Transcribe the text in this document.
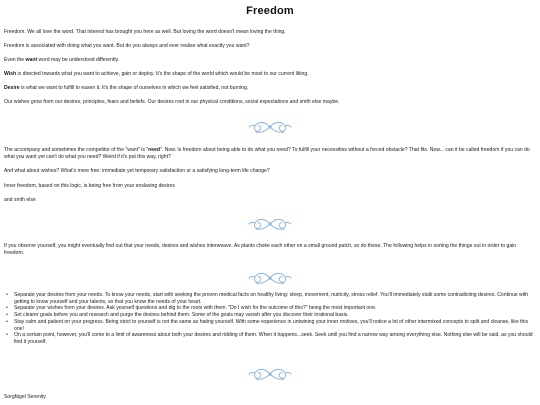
Freedom

Freedom. We all love the word. That interest has brought you here as well. But loving the word doesn't mean loving the thing.

Freedom is associated with doing what you want. But do you always and ever realise what exactly you want?

Even the want word may be understood differently.

Wish is directed towards what you want to achieve, gain or deploy. It's the shape of the world which would be most to our current liking.

Desire is what we want to fulfill to easen it. It's the shape of ourselves in which we feel satisfied, not burning.

Our wishes grow from our desires, principles, fears and beliefs. Our desires root in our physical conditions, social expectations and smth else maybe.

The accompany and sometimes the competitor of the "want" is "need". Now. Is freedom about being able to do what you need? To fulfill your necessities without a forced obstacle? That fits. Now... can it be called freedom if you can do what you want yet can't do what you need? Weird if it's put this way, right?

And what about wishes? What's more free: immediate yet temporary satisfaction or a satisfying long-term life change?

Inner freedom, based on this logic, is being free from your enslaving desires

and smth else

If you observe yourself, you might eventually find out that your needs, desires and wishes interweave. As plants choke each other on a small ground patch, so do these. The following helps in sorting the things out in order to gain freedom.

• Separate your desires from your needs. To know your needs, start with seeking the proven medical facts on healthy living: sleep, movement, nutricity, stress relief. You'll immediately stalk some contradicting desires. Continue with getting to know yourself and your talents, so that you know the needs of your heart.
• Separate your wishes from your desires. Ask yourself questions and dig to the roots with them. "Do I wish for the outcome of this?" being the most important one.
• Set clearer goals before you and research and purge the desires behind them. Some of the goals may vanish after you discover their irrational basis.
• Stay calm and patient on your progress. Being strict to yourself is not the same as hating yourself. With some experience in untwining your inner motives, you'll notice a lot of other intermixed concepts to split and cleanse, like this one!
• On a certain point, however, you'll come to a limit of awareness about both your desires and ridding of them. When it happens...seek. Seek until you find a narrow way among everything else. Nothing else will be said, as you should find it yourself.

Sorgfägel Serenity
